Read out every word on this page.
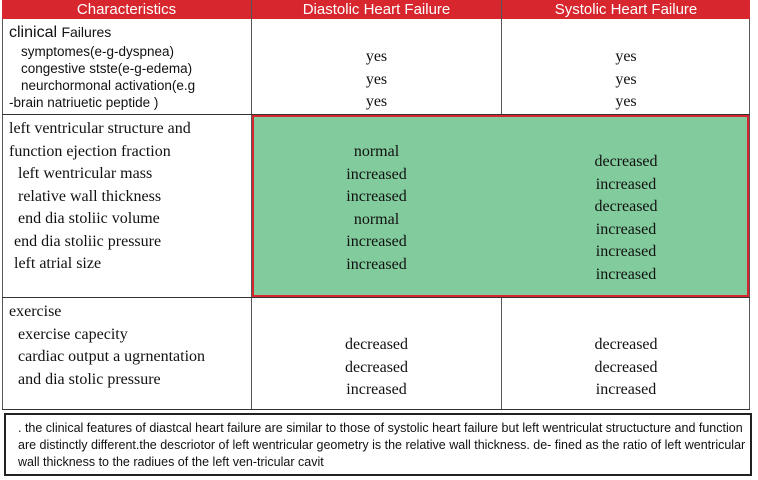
Characteristics	Diastolic Heart Failure	Systolic Heart Failure
clinical Failures
symptomes(e-g-dyspnea)
congestive stste(e-g-edema)
neurchormonal activation(e.g
-brain natriuetic peptide )
yes
yes
yes
yes
yes
yes
left ventricular structure and
function ejection fraction
left wentricular mass
relative wall thickness
end dia stoliic volume
end dia stoliic pressure
left atrial size
normal
increased
increased
normal
increased
increased
decreased
increased
decreased
increased
increased
increased
exercise
exercise capecity
cardiac output a ugrnentation
and dia stolic pressure
decreased
decreased
increased
decreased
decreased
increased
. the clinical features of diastcal heart failure are similar to those of systolic heart failure but left wentriculat structucture and function are distinctly different.the descriotor of left wentricular geometry is the relative wall thickness. de- fined as the ratio of left wentricular wall thickness to the radiues of the left ven-tricular cavit
